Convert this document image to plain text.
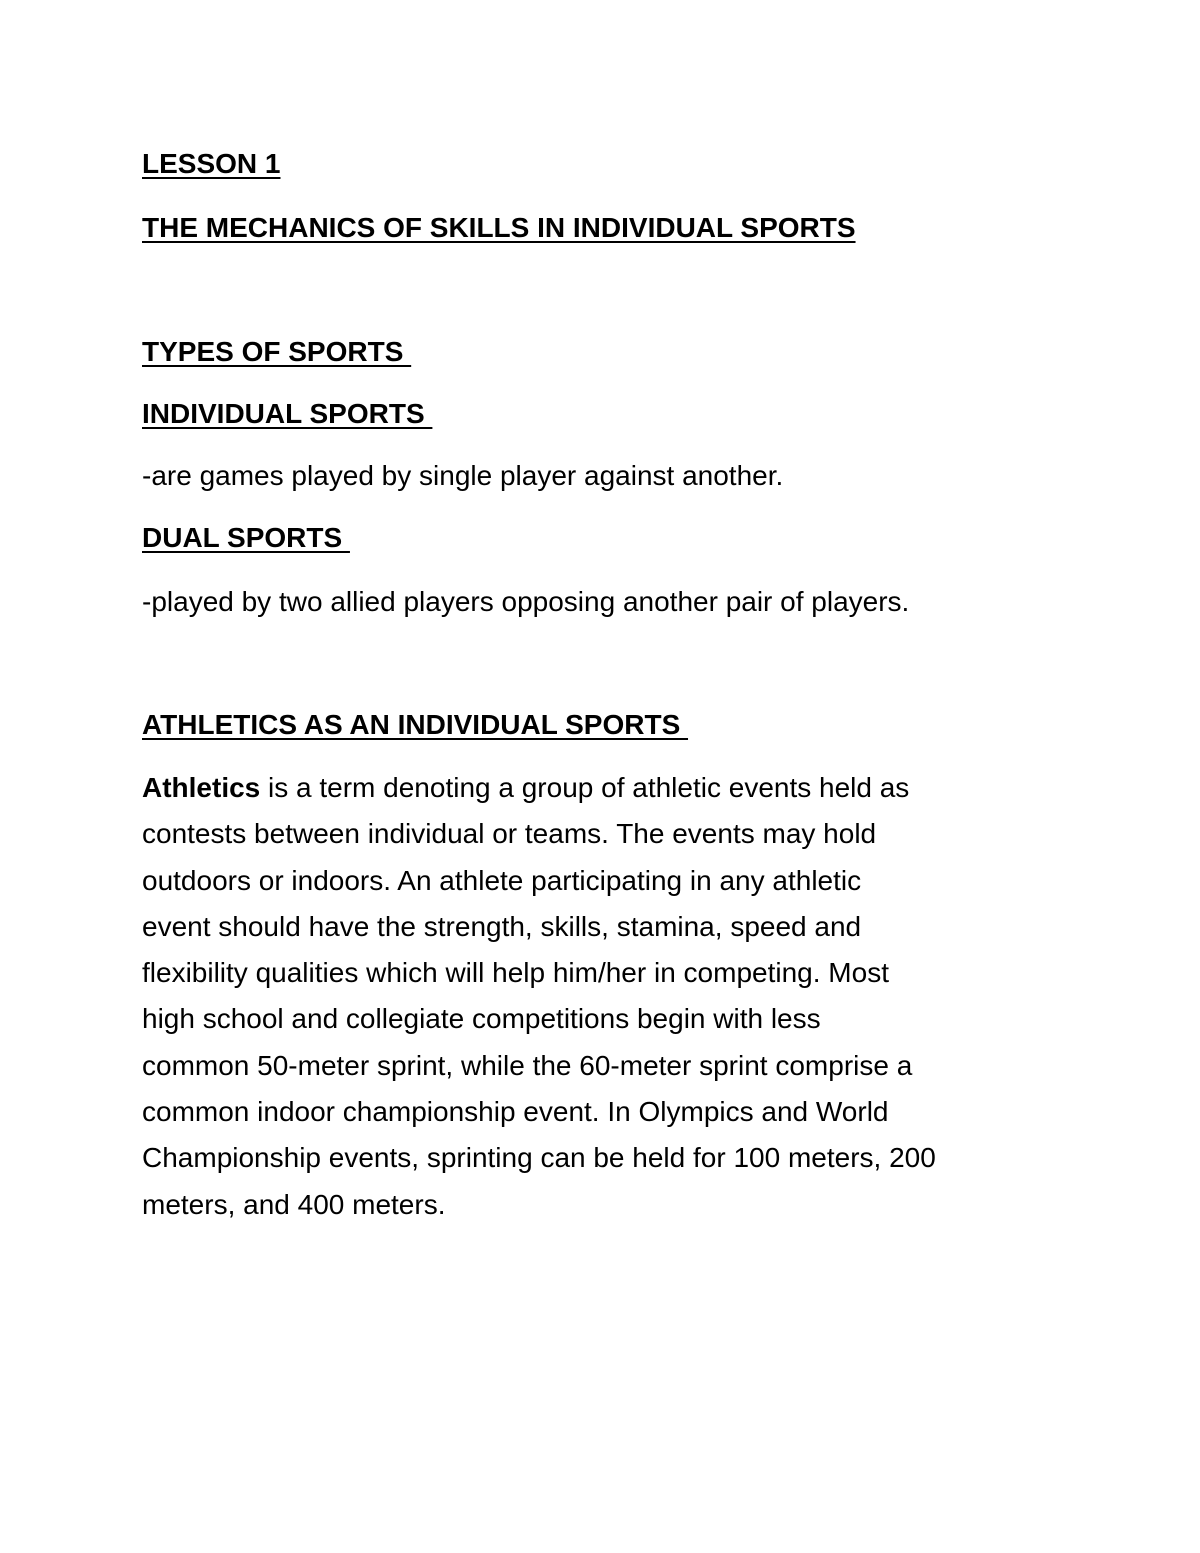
LESSON 1
THE MECHANICS OF SKILLS IN INDIVIDUAL SPORTS
TYPES OF SPORTS
INDIVIDUAL SPORTS
-are games played by single player against another.
DUAL SPORTS
-played by two allied players opposing another pair of players.
ATHLETICS AS AN INDIVIDUAL SPORTS
Athletics is a term denoting a group of athletic events held as
contests between individual or teams. The events may hold
outdoors or indoors. An athlete participating in any athletic
event should have the strength, skills, stamina, speed and
flexibility qualities which will help him/her in competing. Most
high school and collegiate competitions begin with less
common 50-meter sprint, while the 60-meter sprint comprise a
common indoor championship event. In Olympics and World
Championship events, sprinting can be held for 100 meters, 200
meters, and 400 meters.
